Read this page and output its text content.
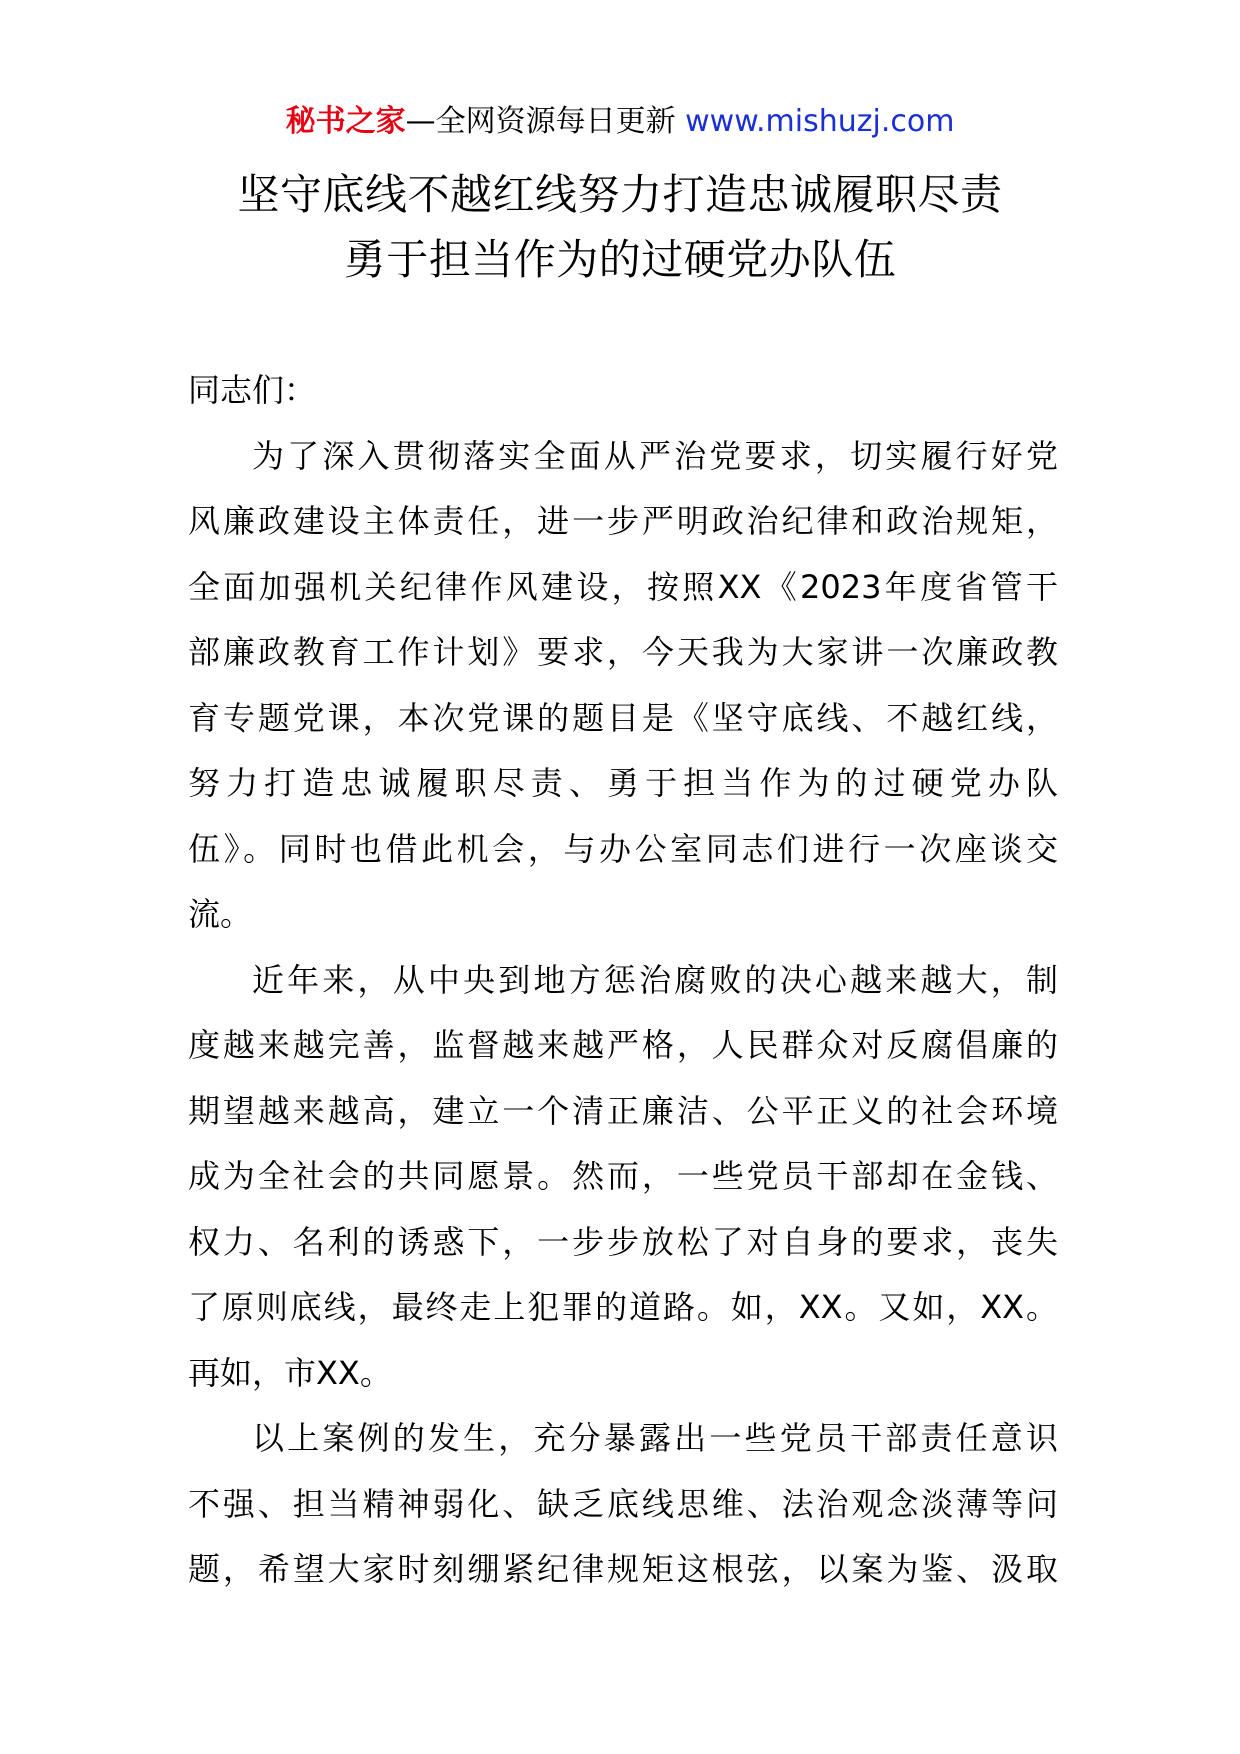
秘书之家—全网资源每日更新 www.mishuzj.com
坚守底线不越红线努力打造忠诚履职尽责
勇于担当作为的过硬党办队伍
同志们：
为了深入贯彻落实全面从严治党要求，切实履行好党
风廉政建设主体责任，进一步严明政治纪律和政治规矩，
全面加强机关纪律作风建设，按照XX《2023年度省管干
部廉政教育工作计划》要求，今天我为大家讲一次廉政教
育专题党课，本次党课的题目是《坚守底线、不越红线，
努力打造忠诚履职尽责、勇于担当作为的过硬党办队
伍》。同时也借此机会，与办公室同志们进行一次座谈交
流。
近年来，从中央到地方惩治腐败的决心越来越大，制
度越来越完善，监督越来越严格，人民群众对反腐倡廉的
期望越来越高，建立一个清正廉洁、公平正义的社会环境
成为全社会的共同愿景。然而，一些党员干部却在金钱、
权力、名利的诱惑下，一步步放松了对自身的要求，丧失
了原则底线，最终走上犯罪的道路。如，XX。又如，XX。
再如，市XX。
以上案例的发生，充分暴露出一些党员干部责任意识
不强、担当精神弱化、缺乏底线思维、法治观念淡薄等问
题，希望大家时刻绷紧纪律规矩这根弦，以案为鉴、汲取
